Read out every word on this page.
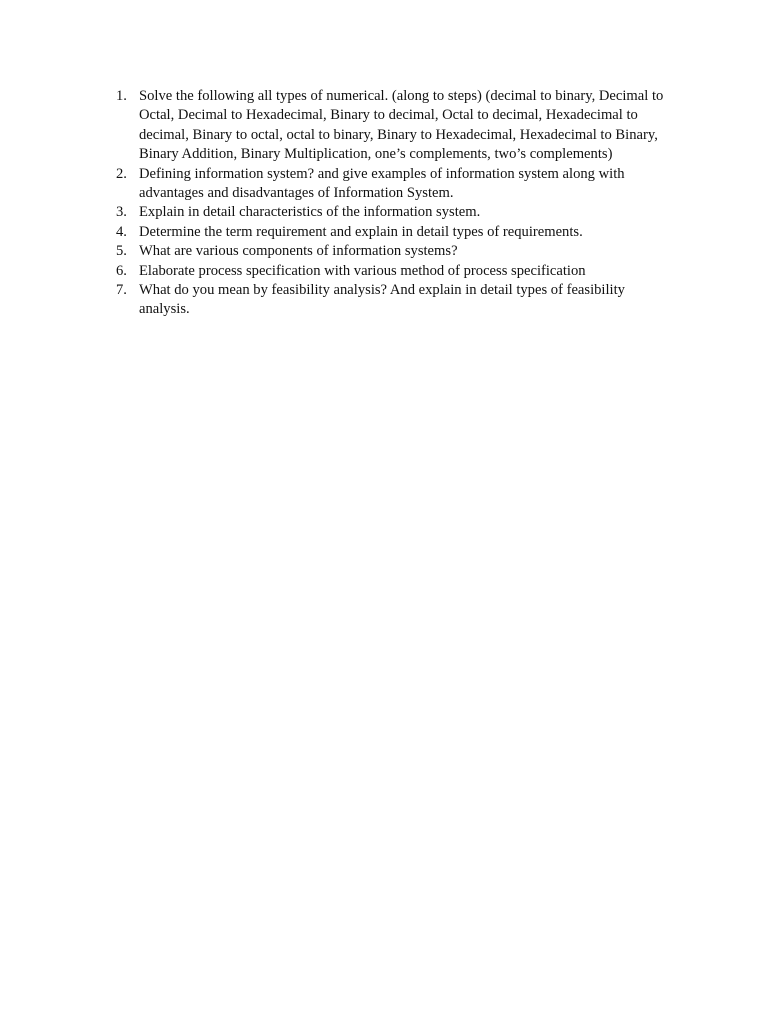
1. Solve the following all types of numerical. (along to steps) (decimal to binary, Decimal to Octal, Decimal to Hexadecimal, Binary to decimal, Octal to decimal, Hexadecimal to decimal, Binary to octal, octal to binary, Binary to Hexadecimal, Hexadecimal to Binary, Binary Addition, Binary Multiplication, one’s complements, two’s complements)
2. Defining information system? and give examples of information system along with advantages and disadvantages of Information System.
3. Explain in detail characteristics of the information system.
4. Determine the term requirement and explain in detail types of requirements.
5. What are various components of information systems?
6. Elaborate process specification with various method of process specification
7. What do you mean by feasibility analysis? And explain in detail types of feasibility analysis.
